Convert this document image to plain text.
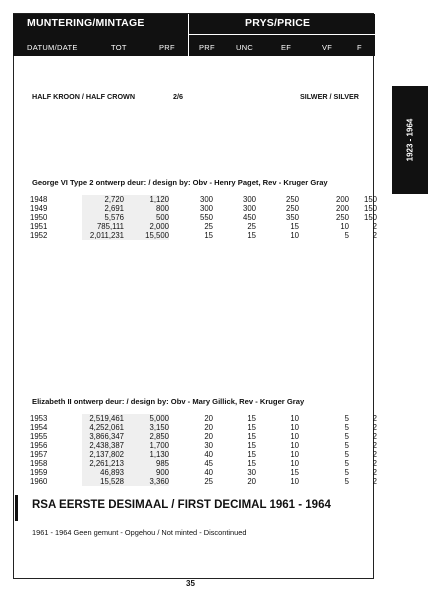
MUNTERING/MINTAGE	PRYS/PRICE
DATUM/DATE	TOT	PRF	PRF	UNC	EF	VF	F
1923 - 1964
HALF KROON / HALF CROWN	2/6	SILWER / SILVER
George VI Type 2 ontwerp deur: / design by: Obv - Henry Paget, Rev - Kruger Gray
1948	2,720	1,120	300	300	250	200	150
1949	2,691	800	300	300	250	200	150
1950	5,576	500	550	450	350	250	150
1951	785,111	2,000	25	25	15	10	2
1952	2,011,231	15,500	15	15	10	5	2
Elizabeth II ontwerp deur: / design by: Obv - Mary Gillick, Rev - Kruger Gray
1953	2,519,461	5,000	20	15	10	5	2
1954	4,252,061	3,150	20	15	10	5	2
1955	3,866,347	2,850	20	15	10	5	2
1956	2,438,387	1,700	30	15	10	5	2
1957	2,137,802	1,130	40	15	10	5	2
1958	2,261,213	985	45	15	10	5	2
1959	46,893	900	40	30	15	5	2
1960	15,528	3,360	25	20	10	5	2
RSA EERSTE DESIMAAL / FIRST DECIMAL 1961 - 1964
1961 - 1964 Geen gemunt - Opgehou / Not minted - Discontinued
35
